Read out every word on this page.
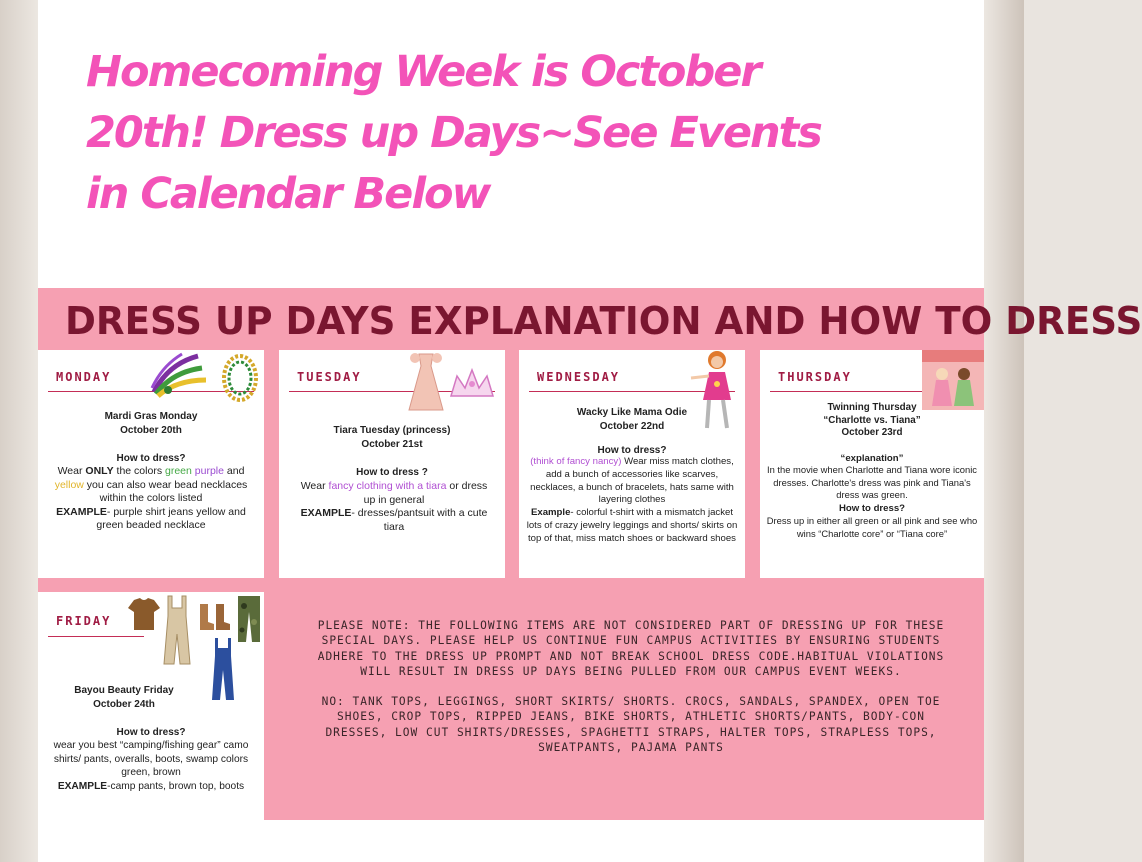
Homecoming Week is October
20th! Dress up Days~See Events
in Calendar Below
DRESS UP DAYS EXPLANATION AND HOW TO DRESS

MONDAY

Mardi Gras Monday
October 20th

How to dress?

Wear ONLY the colors green purple and yellow you can also wear bead necklaces within the colors listed
EXAMPLE- purple shirt jeans yellow and green beaded necklace

TUESDAY

Tiara Tuesday (princess)
October 21st

How to dress ?

Wear fancy clothing with a tiara or dress up in general
EXAMPLE- dresses/pantsuit with a cute tiara

WEDNESDAY

Wacky Like Mama Odie
October 22nd

How to dress?

(think of fancy nancy) Wear miss match clothes, add a bunch of accessories like scarves, necklaces, a bunch of bracelets, hats same with layering clothes
Example- colorful t-shirt with a mismatch jacket lots of crazy jewelry leggings and shorts/ skirts on top of that, miss match shoes or backward shoes

THURSDAY

Twinning Thursday
“Charlotte vs. Tiana”
October 23rd

“explanation”

In the movie when Charlotte and Tiana wore iconic dresses. Charlotte's dress was pink and Tiana's dress was green.

How to dress?

Dress up in either all green or all pink and see who wins “Charlotte core” or “Tiana core”

FRIDAY

Bayou Beauty Friday
October 24th

How to dress?

wear you best “camping/fishing gear” camo shirts/ pants, overalls, boots, swamp colors green, brown

EXAMPLE-camp pants, brown top, boots

PLEASE NOTE: THE FOLLOWING ITEMS ARE NOT CONSIDERED PART OF DRESSING UP FOR THESE SPECIAL DAYS. PLEASE HELP US CONTINUE FUN CAMPUS ACTIVITIES BY ENSURING STUDENTS ADHERE TO THE DRESS UP PROMPT AND NOT BREAK SCHOOL DRESS CODE.HABITUAL VIOLATIONS WILL RESULT IN DRESS UP DAYS BEING PULLED FROM OUR CAMPUS EVENT WEEKS.

NO: TANK TOPS, LEGGINGS, SHORT SKIRTS/ SHORTS. CROCS, SANDALS, SPANDEX, OPEN TOE SHOES, CROP TOPS, RIPPED JEANS, BIKE SHORTS, ATHLETIC SHORTS/PANTS, BODY-CON DRESSES, LOW CUT SHIRTS/DRESSES, SPAGHETTI STRAPS, HALTER TOPS, STRAPLESS TOPS, SWEATPANTS, PAJAMA PANTS
